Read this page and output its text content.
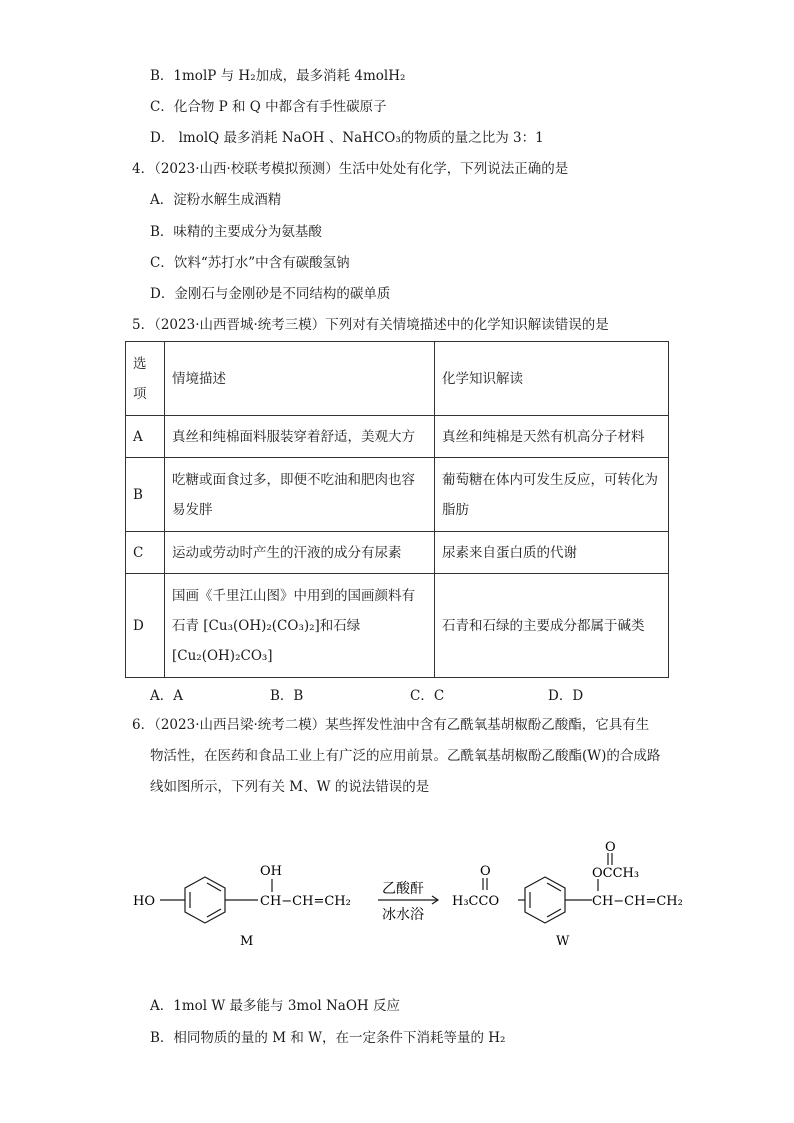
B．1molP 与 H₂加成，最多消耗 4molH₂
C．化合物 P 和 Q 中都含有手性碳原子
D． lmolQ 最多消耗 NaOH 、NaHCO₃的物质的量之比为 3：1
4．（2023·山西·校联考模拟预测）生活中处处有化学，下列说法正确的是
A．淀粉水解生成酒精
B．味精的主要成分为氨基酸
C．饮料“苏打水”中含有碳酸氢钠
D．金刚石与金刚砂是不同结构的碳单质
5．（2023·山西晋城·统考三模）下列对有关情境描述中的化学知识解读错误的是
选项	情境描述	化学知识解读
A	真丝和纯棉面料服装穿着舒适，美观大方	真丝和纯棉是天然有机高分子材料
B	吃糖或面食过多，即便不吃油和肥肉也容易发胖	葡萄糖在体内可发生反应，可转化为脂肪
C	运动或劳动时产生的汗液的成分有尿素	尿素来自蛋白质的代谢
D	国画《千里江山图》中用到的国画颜料有石青 [Cu₃(OH)₂(CO₃)₂]和石绿[Cu₂(OH)₂CO₃]	石青和石绿的主要成分都属于碱类
A．A	B．B	C．C	D．D
6．（2023·山西吕梁·统考二模）某些挥发性油中含有乙酰氧基胡椒酚乙酸酯，它具有生
物活性，在医药和食品工业上有广泛的应用前景。乙酰氧基胡椒酚乙酸酯(W)的合成路
线如图所示，下列有关 M、W 的说法错误的是
HO
OH
CH−CH=CH₂
M
乙酸酐
冰水浴
O
H₃CCO
O
OCCH₃
CH−CH=CH₂
W
A．1mol W 最多能与 3mol NaOH 反应
B．相同物质的量的 M 和 W，在一定条件下消耗等量的 H₂
